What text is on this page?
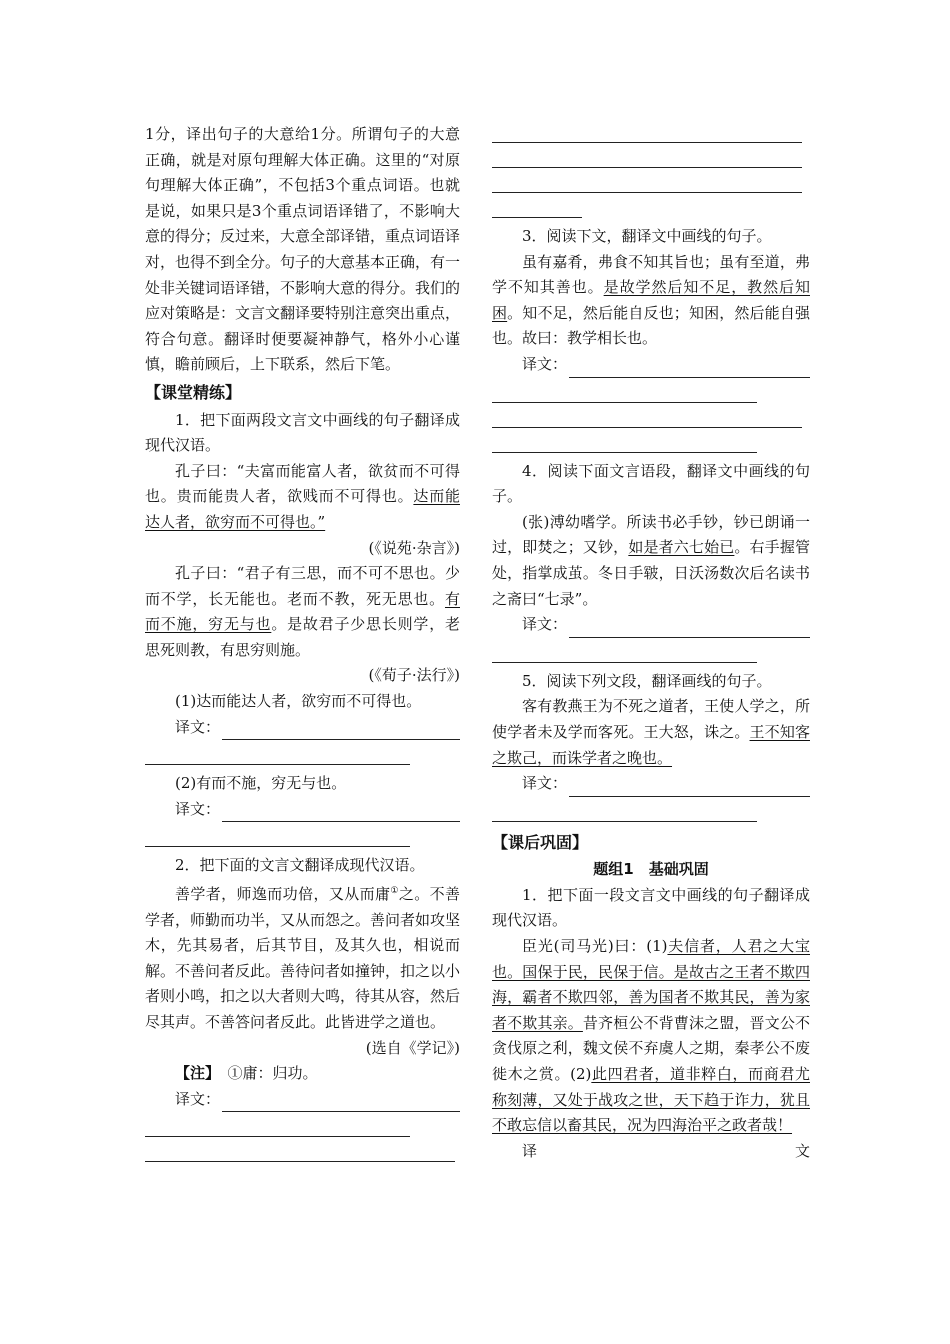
1分，译出句子的大意给1分。所谓句子的大意正确，就是对原句理解大体正确。这里的“对原句理解大体正确”，不包括3个重点词语。也就是说，如果只是3个重点词语译错了，不影响大意的得分；反过来，大意全部译错，重点词语译对，也得不到全分。句子的大意基本正确，有一处非关键词语译错，不影响大意的得分。我们的应对策略是：文言文翻译要特别注意突出重点，符合句意。翻译时便要凝神静气，格外小心谨慎，瞻前顾后，上下联系，然后下笔。

【课堂精练】

1．把下面两段文言文中画线的句子翻译成现代汉语。

孔子曰：“夫富而能富人者，欲贫而不可得也。贵而能贵人者，欲贱而不可得也。达而能达人者，欲穷而不可得也。”

(《说苑·杂言》)

孔子曰：“君子有三思，而不可不思也。少而不学，长无能也。老而不教，死无思也。有而不施，穷无与也。是故君子少思长则学，老思死则教，有思穷则施。

(《荀子·法行》)

(1)达而能达人者，欲穷而不可得也。

译文：

(2)有而不施，穷无与也。

译文：

2．把下面的文言文翻译成现代汉语。

善学者，师逸而功倍，又从而庸①之。不善学者，师勤而功半，又从而怨之。善问者如攻坚木，先其易者，后其节目，及其久也，相说而解。不善问者反此。善待问者如撞钟，扣之以小者则小鸣，扣之以大者则大鸣，待其从容，然后尽其声。不善答问者反此。此皆进学之道也。

(选自《学记》)

【注】  ①庸：归功。

译文：

3．阅读下文，翻译文中画线的句子。

虽有嘉肴，弗食不知其旨也；虽有至道，弗学不知其善也。是故学然后知不足，教然后知困。知不足，然后能自反也；知困，然后能自强也。故曰：教学相长也。

译文：

4．阅读下面文言语段，翻译文中画线的句子。

(张)溥幼嗜学。所读书必手钞，钞已朗诵一过，即焚之；又钞，如是者六七始已。右手握管处，指掌成茧。冬日手皲，日沃汤数次后名读书之斋曰“七录”。

译文：

5．阅读下列文段，翻译画线的句子。

客有教燕王为不死之道者，王使人学之，所使学者未及学而客死。王大怒，诛之。王不知客之欺己，而诛学者之晚也。

译文：

【课后巩固】

题组1　基础巩固

1．把下面一段文言文中画线的句子翻译成现代汉语。

臣光(司马光)曰：(1)夫信者，人君之大宝也。国保于民，民保于信。是故古之王者不欺四海，霸者不欺四邻，善为国者不欺其民，善为家者不欺其亲。昔齐桓公不背曹沫之盟，晋文公不贪伐原之利，魏文侯不弃虞人之期，秦孝公不废徙木之赏。(2)此四君者，道非粹白，而商君尤称刻薄，又处于战攻之世，天下趋于诈力，犹且不敢忘信以畜其民，况为四海治平之政者哉！

译	文
